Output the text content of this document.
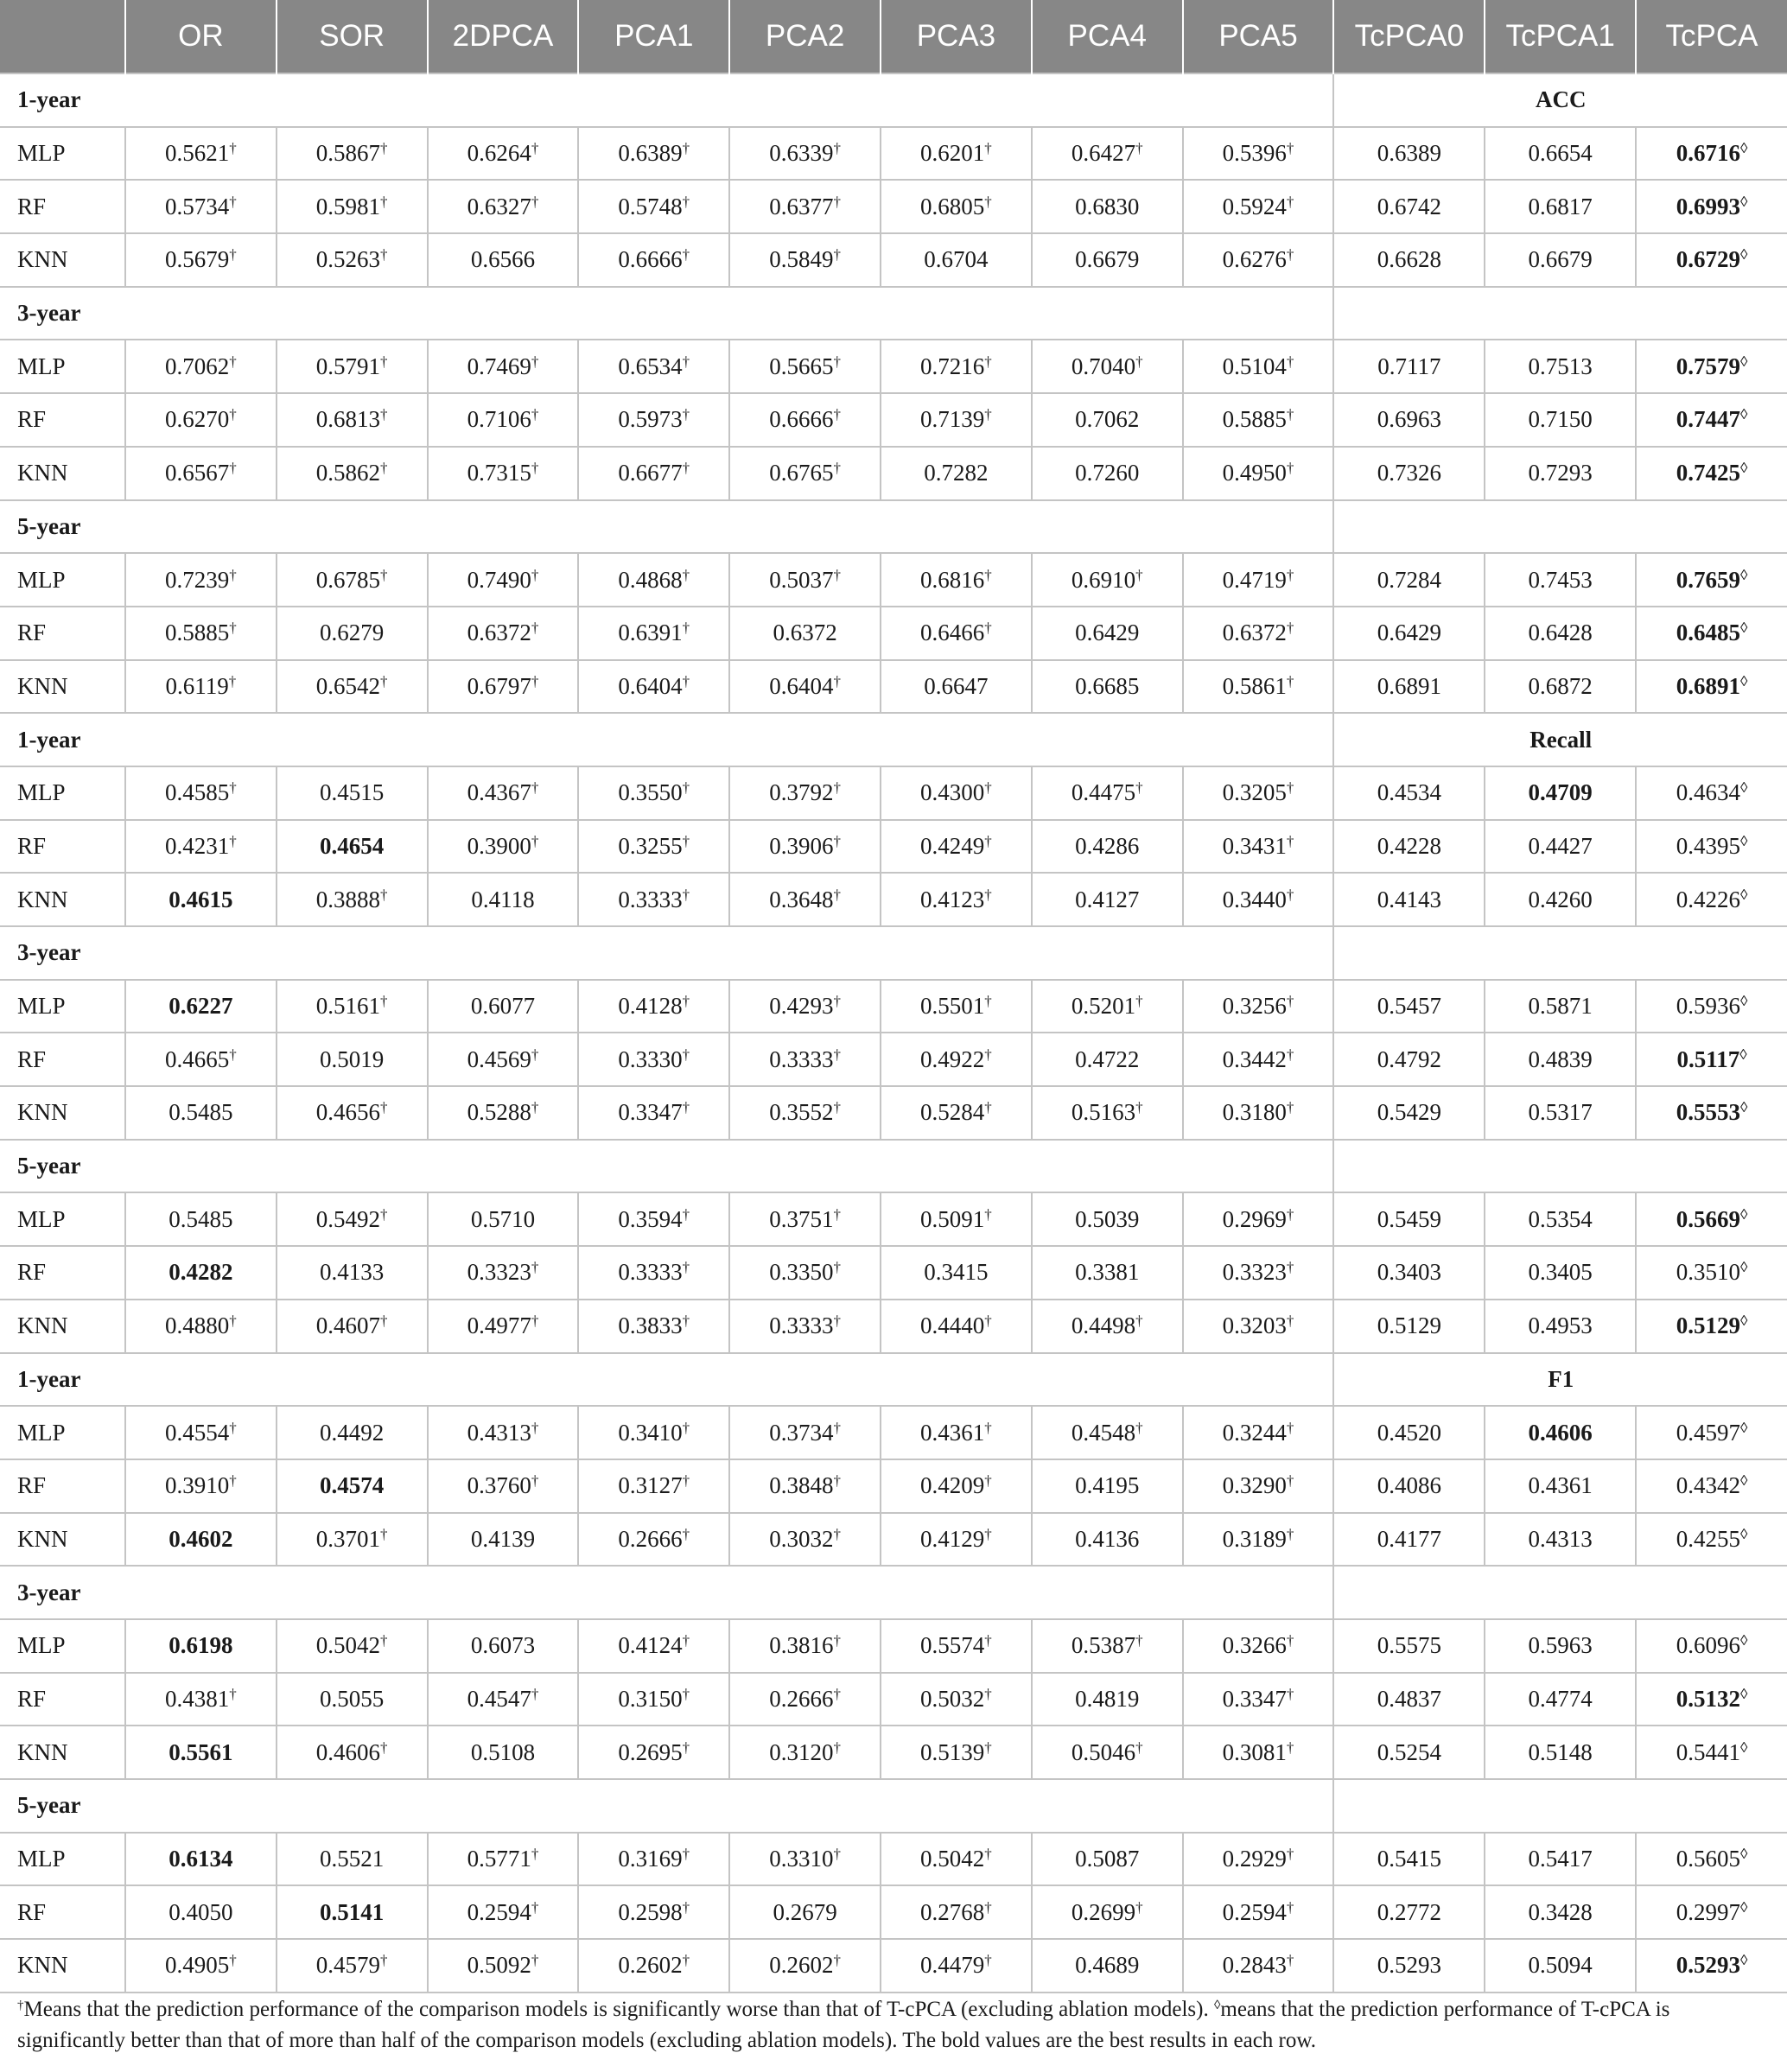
	OR	SOR	2DPCA	PCA1	PCA2	PCA3	PCA4	PCA5	TcPCA0	TcPCA1	TcPCA
1-year									ACC		
MLP	0.5621†	0.5867†	0.6264†	0.6389†	0.6339†	0.6201†	0.6427†	0.5396†	0.6389	0.6654	0.6716◊
RF	0.5734†	0.5981†	0.6327†	0.5748†	0.6377†	0.6805†	0.6830	0.5924†	0.6742	0.6817	0.6993◊
KNN	0.5679†	0.5263†	0.6566	0.6666†	0.5849†	0.6704	0.6679	0.6276†	0.6628	0.6679	0.6729◊
3-year											
MLP	0.7062†	0.5791†	0.7469†	0.6534†	0.5665†	0.7216†	0.7040†	0.5104†	0.7117	0.7513	0.7579◊
RF	0.6270†	0.6813†	0.7106†	0.5973†	0.6666†	0.7139†	0.7062	0.5885†	0.6963	0.7150	0.7447◊
KNN	0.6567†	0.5862†	0.7315†	0.6677†	0.6765†	0.7282	0.7260	0.4950†	0.7326	0.7293	0.7425◊
5-year											
MLP	0.7239†	0.6785†	0.7490†	0.4868†	0.5037†	0.6816†	0.6910†	0.4719†	0.7284	0.7453	0.7659◊
RF	0.5885†	0.6279	0.6372†	0.6391†	0.6372	0.6466†	0.6429	0.6372†	0.6429	0.6428	0.6485◊
KNN	0.6119†	0.6542†	0.6797†	0.6404†	0.6404†	0.6647	0.6685	0.5861†	0.6891	0.6872	0.6891◊
1-year									Recall		
MLP	0.4585†	0.4515	0.4367†	0.3550†	0.3792†	0.4300†	0.4475†	0.3205†	0.4534	0.4709	0.4634◊
RF	0.4231†	0.4654	0.3900†	0.3255†	0.3906†	0.4249†	0.4286	0.3431†	0.4228	0.4427	0.4395◊
KNN	0.4615	0.3888†	0.4118	0.3333†	0.3648†	0.4123†	0.4127	0.3440†	0.4143	0.4260	0.4226◊
3-year											
MLP	0.6227	0.5161†	0.6077	0.4128†	0.4293†	0.5501†	0.5201†	0.3256†	0.5457	0.5871	0.5936◊
RF	0.4665†	0.5019	0.4569†	0.3330†	0.3333†	0.4922†	0.4722	0.3442†	0.4792	0.4839	0.5117◊
KNN	0.5485	0.4656†	0.5288†	0.3347†	0.3552†	0.5284†	0.5163†	0.3180†	0.5429	0.5317	0.5553◊
5-year											
MLP	0.5485	0.5492†	0.5710	0.3594†	0.3751†	0.5091†	0.5039	0.2969†	0.5459	0.5354	0.5669◊
RF	0.4282	0.4133	0.3323†	0.3333†	0.3350†	0.3415	0.3381	0.3323†	0.3403	0.3405	0.3510◊
KNN	0.4880†	0.4607†	0.4977†	0.3833†	0.3333†	0.4440†	0.4498†	0.3203†	0.5129	0.4953	0.5129◊
1-year									F1		
MLP	0.4554†	0.4492	0.4313†	0.3410†	0.3734†	0.4361†	0.4548†	0.3244†	0.4520	0.4606	0.4597◊
RF	0.3910†	0.4574	0.3760†	0.3127†	0.3848†	0.4209†	0.4195	0.3290†	0.4086	0.4361	0.4342◊
KNN	0.4602	0.3701†	0.4139	0.2666†	0.3032†	0.4129†	0.4136	0.3189†	0.4177	0.4313	0.4255◊
3-year											
MLP	0.6198	0.5042†	0.6073	0.4124†	0.3816†	0.5574†	0.5387†	0.3266†	0.5575	0.5963	0.6096◊
RF	0.4381†	0.5055	0.4547†	0.3150†	0.2666†	0.5032†	0.4819	0.3347†	0.4837	0.4774	0.5132◊
KNN	0.5561	0.4606†	0.5108	0.2695†	0.3120†	0.5139†	0.5046†	0.3081†	0.5254	0.5148	0.5441◊
5-year											
MLP	0.6134	0.5521	0.5771†	0.3169†	0.3310†	0.5042†	0.5087	0.2929†	0.5415	0.5417	0.5605◊
RF	0.4050	0.5141	0.2594†	0.2598†	0.2679	0.2768†	0.2699†	0.2594†	0.2772	0.3428	0.2997◊
KNN	0.4905†	0.4579†	0.5092†	0.2602†	0.2602†	0.4479†	0.4689	0.2843†	0.5293	0.5094	0.5293◊
†Means that the prediction performance of the comparison models is significantly worse than that of T-cPCA (excluding ablation models). ◊means that the prediction performance of T-cPCA is significantly better than that of more than half of the comparison models (excluding ablation models). The bold values are the best results in each row.
